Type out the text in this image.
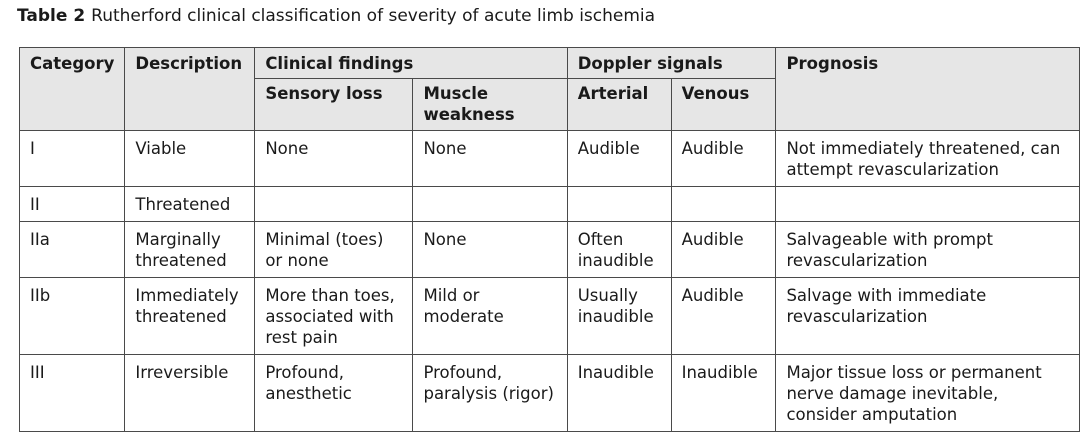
Table 2 Rutherford clinical classification of severity of acute limb ischemia
Category	Description	Clinical findings		Doppler signals		Prognosis
		Sensory loss	Muscle weakness	Arterial	Venous	
I	Viable	None	None	Audible	Audible	Not immediately threatened, can attempt revascularization
II	Threatened					
IIa	Marginally threatened	Minimal (toes) or none	None	Often inaudible	Audible	Salvageable with prompt revascularization
IIb	Immediately threatened	More than toes, associated with rest pain	Mild or moderate	Usually inaudible	Audible	Salvage with immediate revascularization
III	Irreversible	Profound, anesthetic	Profound, paralysis (rigor)	Inaudible	Inaudible	Major tissue loss or permanent nerve damage inevitable, consider amputation
